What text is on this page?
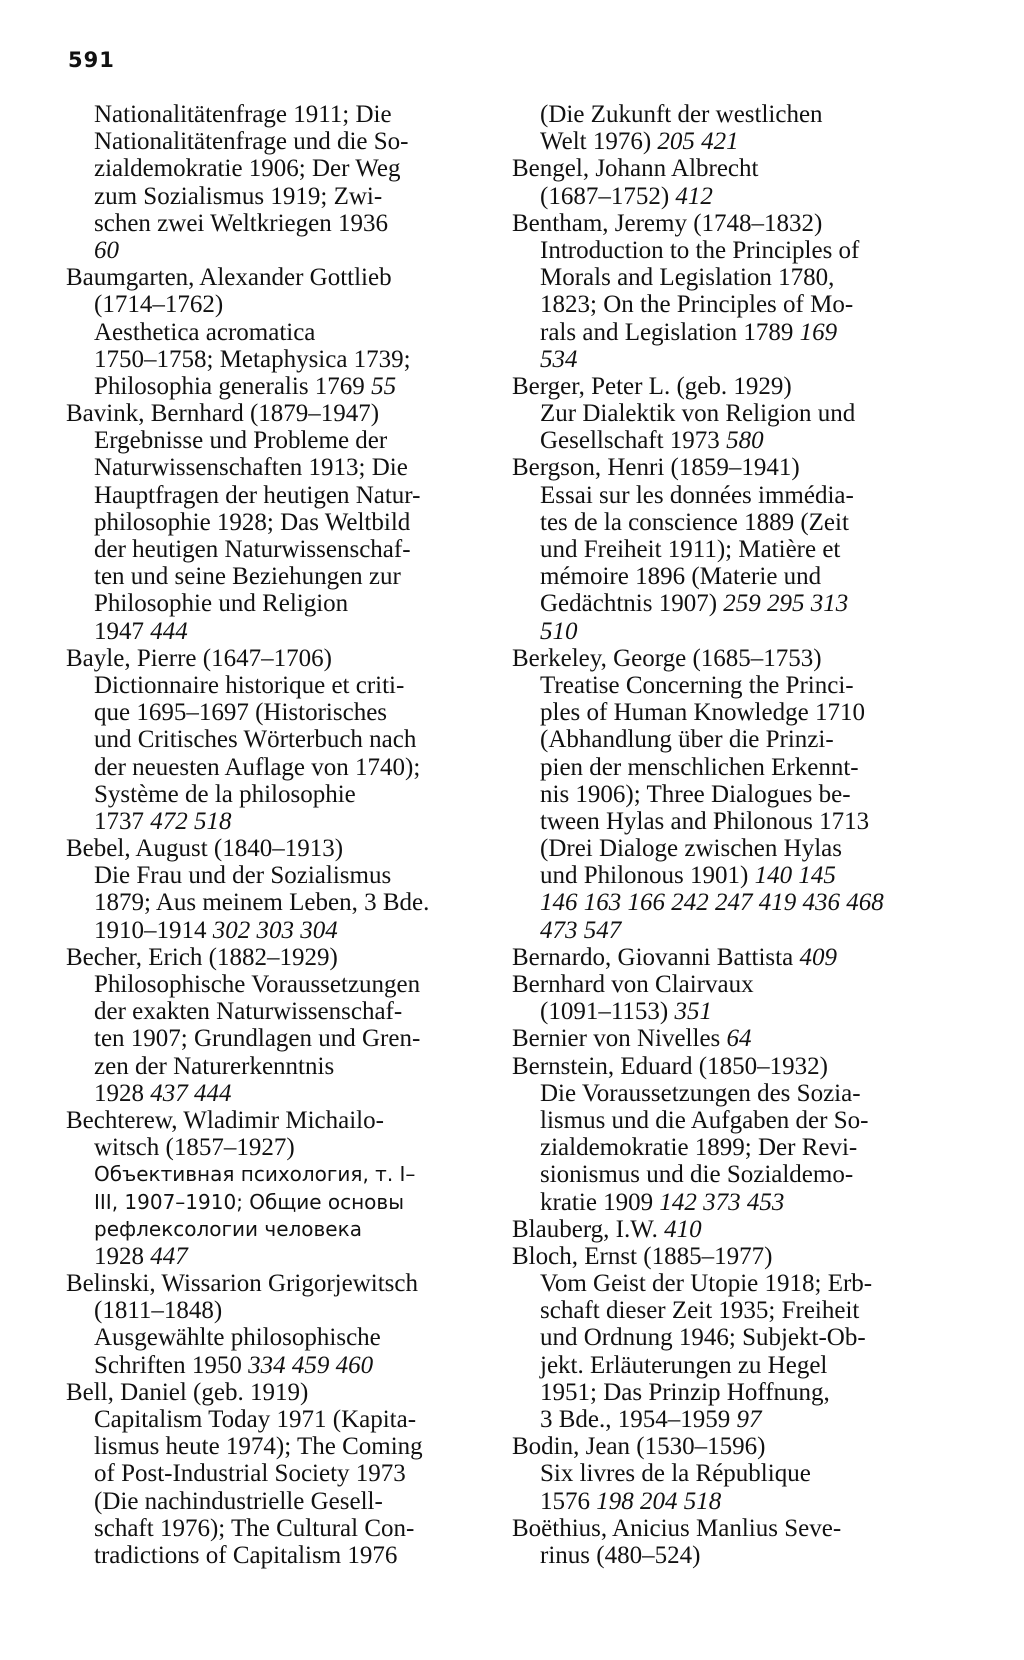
591
Nationalitätenfrage 1911; Die
Nationalitätenfrage und die So-
zialdemokratie 1906; Der Weg
zum Sozialismus 1919; Zwi-
schen zwei Weltkriegen 1936
60
Baumgarten, Alexander Gottlieb
(1714–1762)
Aesthetica acromatica
1750–1758; Metaphysica 1739;
Philosophia generalis 1769 55
Bavink, Bernhard (1879–1947)
Ergebnisse und Probleme der
Naturwissenschaften 1913; Die
Hauptfragen der heutigen Natur-
philosophie 1928; Das Weltbild
der heutigen Naturwissenschaf-
ten und seine Beziehungen zur
Philosophie und Religion
1947 444
Bayle, Pierre (1647–1706)
Dictionnaire historique et criti-
que 1695–1697 (Historisches
und Critisches Wörterbuch nach
der neuesten Auflage von 1740);
Système de la philosophie
1737 472 518
Bebel, August (1840–1913)
Die Frau und der Sozialismus
1879; Aus meinem Leben, 3 Bde.
1910–1914 302 303 304
Becher, Erich (1882–1929)
Philosophische Voraussetzungen
der exakten Naturwissenschaf-
ten 1907; Grundlagen und Gren-
zen der Naturerkenntnis
1928 437 444
Bechterew, Wladimir Michailo-
witsch (1857–1927)
Объективная психология, т. I–
III, 1907–1910; Общие основы
рефлексологии человека
1928 447
Belinski, Wissarion Grigorjewitsch
(1811–1848)
Ausgewählte philosophische
Schriften 1950 334 459 460
Bell, Daniel (geb. 1919)
Capitalism Today 1971 (Kapita-
lismus heute 1974); The Coming
of Post-Industrial Society 1973
(Die nachindustrielle Gesell-
schaft 1976); The Cultural Con-
tradictions of Capitalism 1976
(Die Zukunft der westlichen
Welt 1976) 205 421
Bengel, Johann Albrecht
(1687–1752) 412
Bentham, Jeremy (1748–1832)
Introduction to the Principles of
Morals and Legislation 1780,
1823; On the Principles of Mo-
rals and Legislation 1789 169
534
Berger, Peter L. (geb. 1929)
Zur Dialektik von Religion und
Gesellschaft 1973 580
Bergson, Henri (1859–1941)
Essai sur les données immédia-
tes de la conscience 1889 (Zeit
und Freiheit 1911); Matière et
mémoire 1896 (Materie und
Gedächtnis 1907) 259 295 313
510
Berkeley, George (1685–1753)
Treatise Concerning the Princi-
ples of Human Knowledge 1710
(Abhandlung über die Prinzi-
pien der menschlichen Erkennt-
nis 1906); Three Dialogues be-
tween Hylas and Philonous 1713
(Drei Dialoge zwischen Hylas
und Philonous 1901) 140 145
146 163 166 242 247 419 436 468
473 547
Bernardo, Giovanni Battista 409
Bernhard von Clairvaux
(1091–1153) 351
Bernier von Nivelles 64
Bernstein, Eduard (1850–1932)
Die Voraussetzungen des Sozia-
lismus und die Aufgaben der So-
zialdemokratie 1899; Der Revi-
sionismus und die Sozialdemo-
kratie 1909 142 373 453
Blauberg, I.W. 410
Bloch, Ernst (1885–1977)
Vom Geist der Utopie 1918; Erb-
schaft dieser Zeit 1935; Freiheit
und Ordnung 1946; Subjekt-Ob-
jekt. Erläuterungen zu Hegel
1951; Das Prinzip Hoffnung,
3 Bde., 1954–1959 97
Bodin, Jean (1530–1596)
Six livres de la République
1576 198 204 518
Boëthius, Anicius Manlius Seve-
rinus (480–524)
